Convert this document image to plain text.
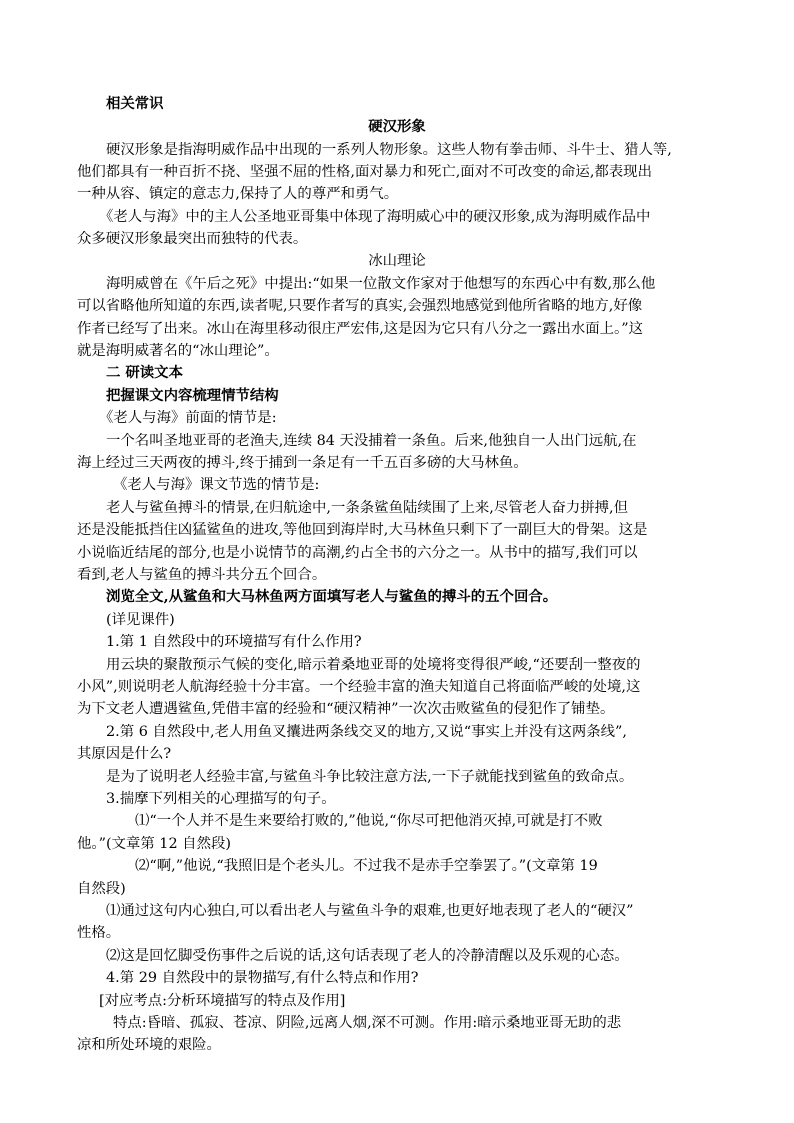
相关常识
硬汉形象
硬汉形象是指海明威作品中出现的一系列人物形象。这些人物有拳击师、斗牛士、猎人等,
他们都具有一种百折不挠、坚强不屈的性格,面对暴力和死亡,面对不可改变的命运,都表现出
一种从容、镇定的意志力,保持了人的尊严和勇气。
《老人与海》中的主人公圣地亚哥集中体现了海明威心中的硬汉形象,成为海明威作品中
众多硬汉形象最突出而独特的代表。
冰山理论
海明威曾在《午后之死》中提出:“如果一位散文作家对于他想写的东西心中有数,那么他
可以省略他所知道的东西,读者呢,只要作者写的真实,会强烈地感觉到他所省略的地方,好像
作者已经写了出来。冰山在海里移动很庄严宏伟,这是因为它只有八分之一露出水面上。”这
就是海明威著名的“冰山理论”。
二 研读文本
把握课文内容梳理情节结构
《老人与海》前面的情节是:
一个名叫圣地亚哥的老渔夫,连续 84 天没捕着一条鱼。后来,他独自一人出门远航,在
海上经过三天两夜的搏斗,终于捕到一条足有一千五百多磅的大马林鱼。
《老人与海》课文节选的情节是:
老人与鲨鱼搏斗的情景,在归航途中,一条条鲨鱼陆续围了上来,尽管老人奋力拼搏,但
还是没能抵挡住凶猛鲨鱼的进攻,等他回到海岸时,大马林鱼只剩下了一副巨大的骨架。这是
小说临近结尾的部分,也是小说情节的高潮,约占全书的六分之一。从书中的描写,我们可以
看到,老人与鲨鱼的搏斗共分五个回合。
浏览全文,从鲨鱼和大马林鱼两方面填写老人与鲨鱼的搏斗的五个回合。
(详见课件)
1.第 1 自然段中的环境描写有什么作用?
用云块的聚散预示气候的变化,暗示着桑地亚哥的处境将变得很严峻,“还要刮一整夜的
小风”,则说明老人航海经验十分丰富。一个经验丰富的渔夫知道自己将面临严峻的处境,这
为下文老人遭遇鲨鱼,凭借丰富的经验和“硬汉精神”一次次击败鲨鱼的侵犯作了铺垫。
2.第 6 自然段中,老人用鱼叉攮进两条线交叉的地方,又说“事实上并没有这两条线”,
其原因是什么?
是为了说明老人经验丰富,与鲨鱼斗争比较注意方法,一下子就能找到鲨鱼的致命点。
3.揣摩下列相关的心理描写的句子。
⑴“一个人并不是生来要给打败的,”他说,“你尽可把他消灭掉,可就是打不败
他。”(文章第 12 自然段)
⑵“啊,”他说,“我照旧是个老头儿。不过我不是赤手空拳罢了。”(文章第 19
自然段)
⑴通过这句内心独白,可以看出老人与鲨鱼斗争的艰难,也更好地表现了老人的“硬汉”
性格。
⑵这是回忆脚受伤事件之后说的话,这句话表现了老人的冷静清醒以及乐观的心态。
4.第 29 自然段中的景物描写,有什么特点和作用?
[对应考点:分析环境描写的特点及作用]
特点:昏暗、孤寂、苍凉、阴险,远离人烟,深不可测。作用:暗示桑地亚哥无助的悲
凉和所处环境的艰险。
